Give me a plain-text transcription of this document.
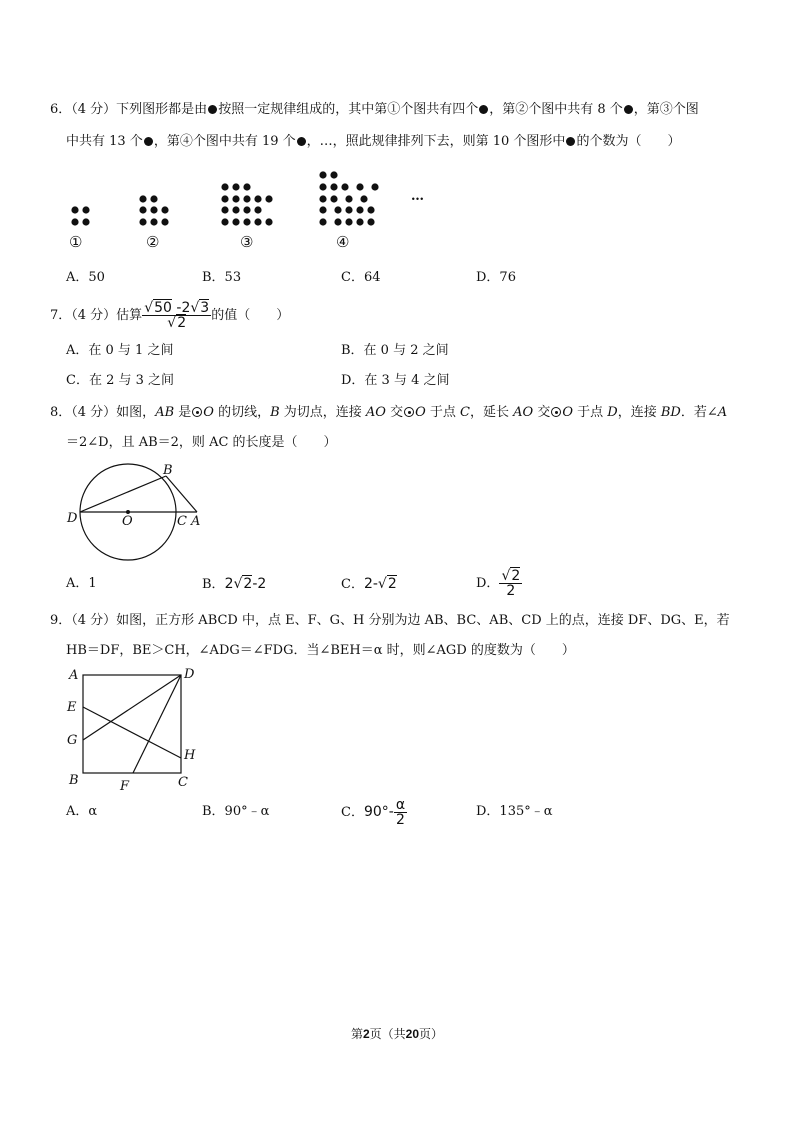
6．（4 分）下列图形都是由 按照一定规律组成的，其中第①个图共有四个 ，第②个图中共有 8 个 ，第③个图
中共有 13 个 ，第④个图中共有 19 个 ，…，照此规律排列下去，则第 10 个图形中 的个数为（　　）
…
①	②	③	④
A．50	B．53	C．64	D．76
7．（4 分）估算 $\frac{√50 -2√3}{√2}$ 的值（　　）
A．在 0 与 1 之间	B．在 0 与 2 之间
C．在 2 与 3 之间	D．在 3 与 4 之间
8．（4 分）如图，AB 是 O 的切线，B 为切点，连接 AO 交 O 于点 C，延长 AO 交 O 于点 D，连接 BD．若∠A
＝2∠D，且 AB＝2，则 AC 的长度是（　　）
B
D	O	C A
A．1	B．2√2-2	C．2-√2	D． $\frac{√2}{2}$
9．（4 分）如图，正方形 ABCD 中，点 E、F、G、H 分别为边 AB、BC、AB、CD 上的点，连接 DF、DG、E，若
HB＝DF，BE＞CH，∠ADG＝∠FDG．当∠BEH＝α 时，则∠AGD 的度数为（　　）
A	D
E
G
H
B	F	C
A．α	B．90°﹣α	C．$90^\circ- \frac{\alpha}{2}$	D．135°﹣α
第2页（共20页）
